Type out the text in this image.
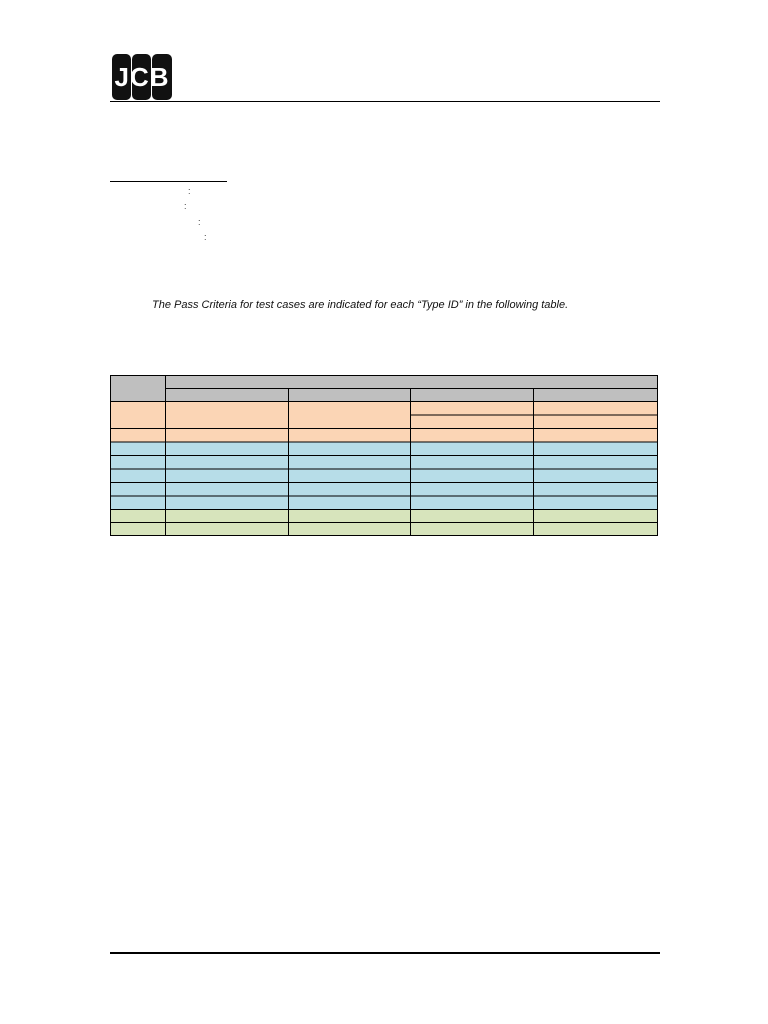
JCB
:
:
:
:
The Pass Criteria for test cases are indicated for each “Type ID” in the following table.
